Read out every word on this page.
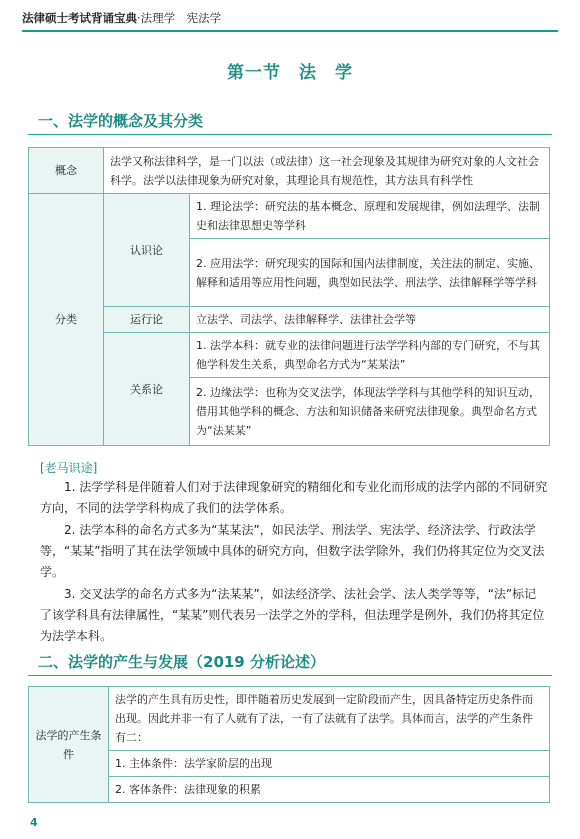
法律硕士考试背诵宝典·法理学　宪法学
第一节　法　学
一、法学的概念及其分类
概念	法学又称法律科学，是一门以法（或法律）这一社会现象及其规律为研究对象的人文社会科学。法学以法律现象为研究对象，其理论具有规范性，其方法具有科学性	
分类	认识论	1. 理论法学：研究法的基本概念、原理和发展规律，例如法理学、法制史和法律思想史等学科
		2. 应用法学：研究现实的国际和国内法律制度，关注法的制定、实施、解释和适用等应用性问题，典型如民法学、刑法学、法律解释学等学科
	运行论	立法学、司法学、法律解释学、法律社会学等
	关系论	1. 法学本科：就专业的法律问题进行法学学科内部的专门研究，不与其他学科发生关系，典型命名方式为“某某法”
		2. 边缘法学：也称为交叉法学，体现法学学科与其他学科的知识互动，借用其他学科的概念、方法和知识储备来研究法律现象。典型命名方式为“法某某”
[老马识途]

1. 法学学科是伴随着人们对于法律现象研究的精细化和专业化而形成的法学内部的不同研究方向，不同的法学学科构成了我们的法学体系。

2. 法学本科的命名方式多为“某某法”，如民法学、刑法学、宪法学、经济法学、行政法学等，“某某”指明了其在法学领域中具体的研究方向，但数字法学除外，我们仍将其定位为交叉法学。

3. 交叉法学的命名方式多为“法某某”，如法经济学、法社会学、法人类学等等，“法”标记了该学科具有法律属性，“某某”则代表另一法学之外的学科，但法理学是例外，我们仍将其定位为法学本科。

二、法学的产生与发展（2019 分析论述）
法学的产生条件	法学的产生具有历史性，即伴随着历史发展到一定阶段而产生，因具备特定历史条件而出现。因此并非一有了人就有了法，一有了法就有了法学。具体而言，法学的产生条件有二：
1. 主体条件：法学家阶层的出现
2. 客体条件：法律现象的积累
4
